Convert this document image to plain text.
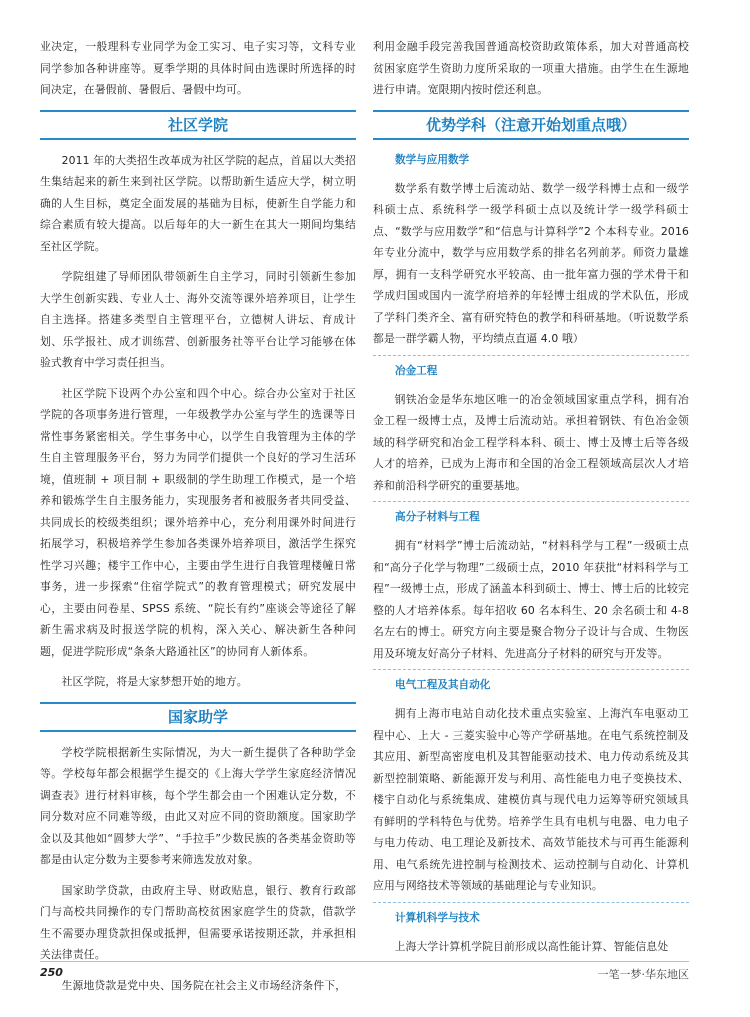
业决定，一般理科专业同学为金工实习、电子实习等，文科专业同学参加各种讲座等。夏季学期的具体时间由选课时所选择的时间决定，在暑假前、暑假后、暑假中均可。

社区学院

2011 年的大类招生改革成为社区学院的起点，首届以大类招生集结起来的新生来到社区学院。以帮助新生适应大学，树立明确的人生目标，奠定全面发展的基础为目标，使新生自学能力和综合素质有较大提高。以后每年的大一新生在其大一期间均集结至社区学院。

学院组建了导师团队带领新生自主学习，同时引领新生参加大学生创新实践、专业人士、海外交流等课外培养项目，让学生自主选择。搭建多类型自主管理平台，立德树人讲坛、育成计划、乐学报社、成才训练营、创新服务社等平台让学习能够在体验式教育中学习责任担当。

社区学院下设两个办公室和四个中心。综合办公室对于社区学院的各项事务进行管理，一年级教学办公室与学生的选课等日常性事务紧密相关。学生事务中心，以学生自我管理为主体的学生自主管理服务平台，努力为同学们提供一个良好的学习生活环境，值班制 + 项目制 + 职级制的学生助理工作模式，是一个培养和锻炼学生自主服务能力，实现服务者和被服务者共同受益、共同成长的校级类组织；课外培养中心，充分利用课外时间进行拓展学习，积极培养学生参加各类课外培养项目，激活学生探究性学习兴趣；楼宇工作中心，主要由学生进行自我管理楼幢日常事务，进一步探索“住宿学院式”的教育管理模式；研究发展中心，主要由问卷星、SPSS 系统、“院长有约”座谈会等途径了解新生需求病及时报送学院的机构，深入关心、解决新生各种问题，促进学院形成“条条大路通社区”的协同育人新体系。

社区学院，将是大家梦想开始的地方。

国家助学

学校学院根据新生实际情况，为大一新生提供了各种助学金等。学校每年都会根据学生提交的《上海大学学生家庭经济情况调查表》进行材料审核，每个学生都会由一个困难认定分数，不同分数对应不同难等级，由此又对应不同的资助额度。国家助学金以及其他如“圆梦大学”、“手拉手”少数民族的各类基金资助等都是由认定分数为主要参考来筛选发放对象。

国家助学贷款，由政府主导、财政贴息，银行、教育行政部门与高校共同操作的专门帮助高校贫困家庭学生的贷款，借款学生不需要办理贷款担保或抵押，但需要承诺按期还款，并承担相关法律责任。

生源地贷款是党中央、国务院在社会主义市场经济条件下，

利用金融手段完善我国普通高校资助政策体系，加大对普通高校贫困家庭学生资助力度所采取的一项重大措施。由学生在生源地进行申请。宽限期内按时偿还利息。

优势学科（注意开始划重点哦）
数学与应用数学

数学系有数学博士后流动站、数学一级学科博士点和一级学科硕士点、系统科学一级学科硕士点以及统计学一级学科硕士点、“数学与应用数学”和“信息与计算科学”2 个本科专业。2016 年专业分流中，数学与应用数学系的排名名列前茅。师资力量雄厚，拥有一支科学研究水平较高、由一批年富力强的学术骨干和学成归国或国内一流学府培养的年轻博士组成的学术队伍，形成了学科门类齐全、富有研究特色的教学和科研基地。（听说数学系都是一群学霸人物，平均绩点直逼 4.0 哦）

冶金工程

钢铁冶金是华东地区唯一的冶金领域国家重点学科，拥有冶金工程一级博士点，及博士后流动站。承担着钢铁、有色冶金领域的科学研究和冶金工程学科本科、硕士、博士及博士后等各级人才的培养，已成为上海市和全国的冶金工程领域高层次人才培养和前沿科学研究的重要基地。

高分子材料与工程

拥有“材料学”博士后流动站，“材料科学与工程”一级硕士点和“高分子化学与物理”二级硕士点，2010 年获批“材料科学与工程”一级博士点，形成了涵盖本科到硕士、博士、博士后的比较完整的人才培养体系。每年招收 60 名本科生、20 余名硕士和 4-8 名左右的博士。研究方向主要是聚合物分子设计与合成、生物医用及环境友好高分子材料、先进高分子材料的研究与开发等。

电气工程及其自动化

拥有上海市电站自动化技术重点实验室、上海汽车电驱动工程中心、上大 - 三菱实验中心等产学研基地。在电气系统控制及其应用、新型高密度电机及其智能驱动技术、电力传动系统及其新型控制策略、新能源开发与利用、高性能电力电子变换技术、楼宇自动化与系统集成、建模仿真与现代电力运筹等研究领域具有鲜明的学科特色与优势。培养学生具有电机与电器、电力电子与电力传动、电工理论及新技术、高效节能技术与可再生能源利用、电气系统先进控制与检测技术、运动控制与自动化、计算机应用与网络技术等领域的基础理论与专业知识。

计算机科学与技术

上海大学计算机学院目前形成以高性能计算、智能信息处

250	一笔一梦·华东地区
